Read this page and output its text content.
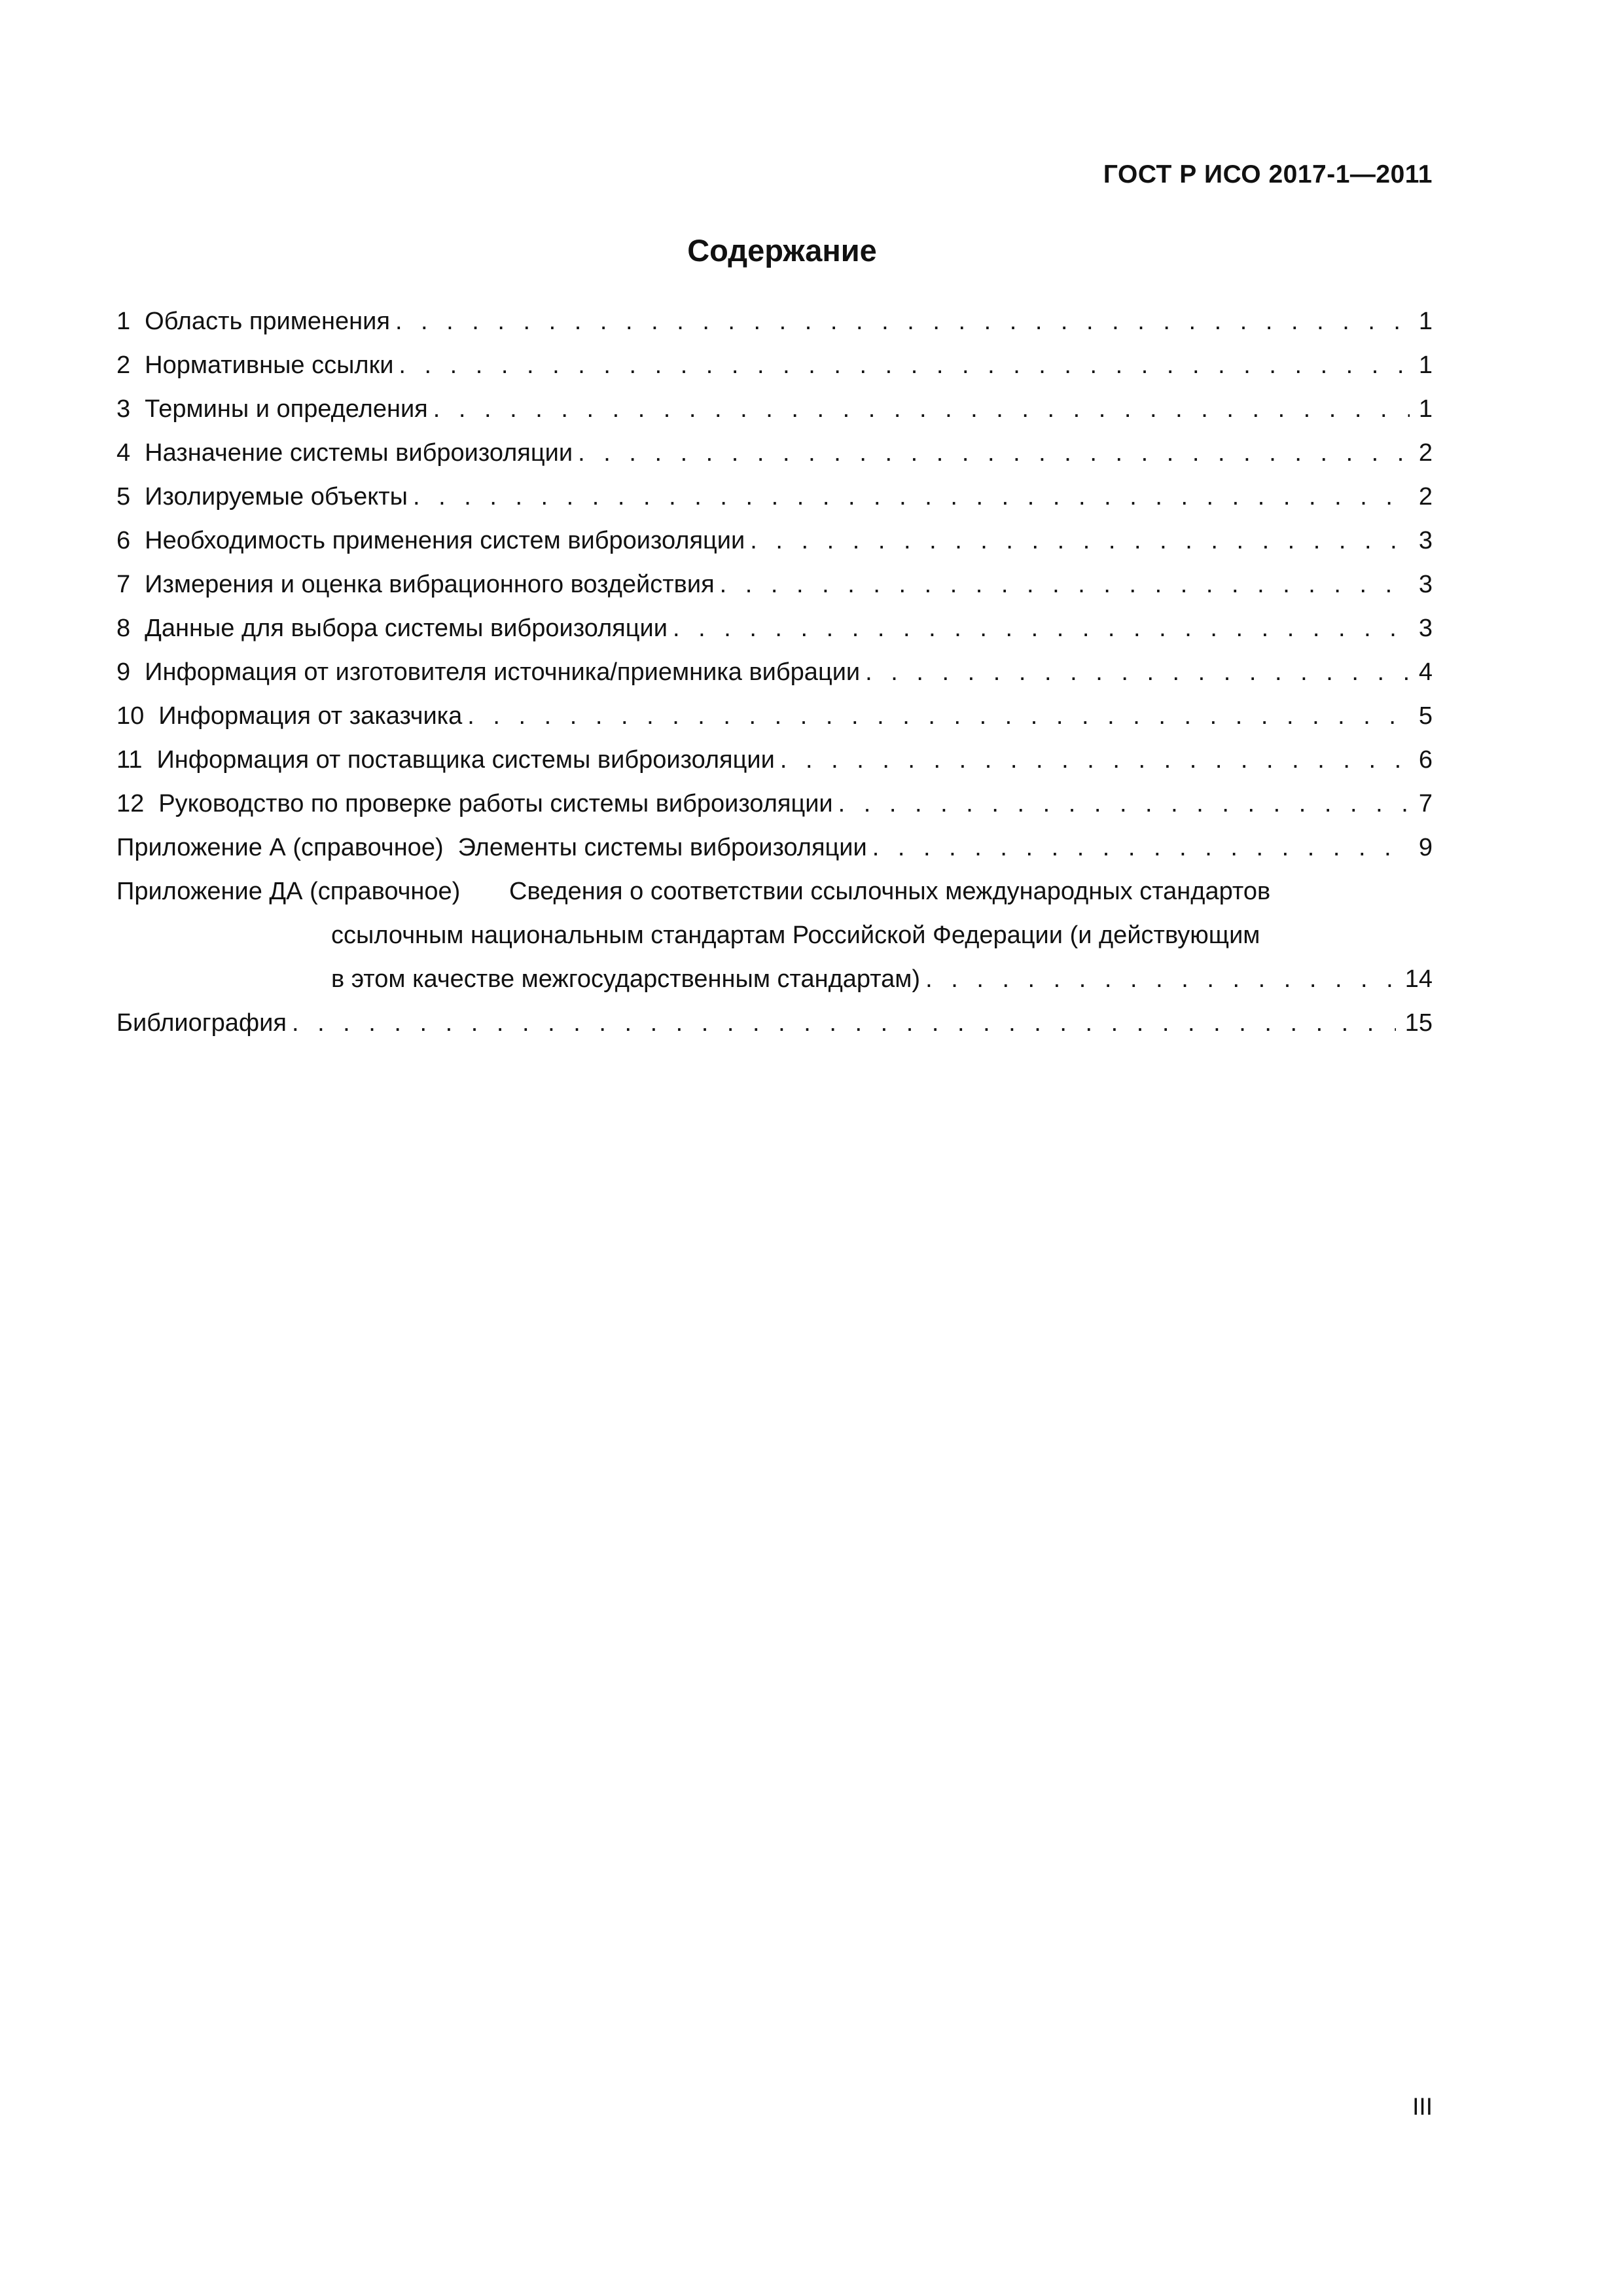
ГОСТ Р ИСО 2017-1—2011
Содержание
1 Область применения . . .	1
2 Нормативные ссылки . . .	1
3 Термины и определения . . .	1
4 Назначение системы виброизоляции . . .	2
5 Изолируемые объекты . . .	2
6 Необходимость применения систем виброизоляции . . .	3
7 Измерения и оценка вибрационного воздействия . . .	3
8 Данные для выбора системы виброизоляции . . .	3
9 Информация от изготовителя источника/приемника вибрации . . .	4
10 Информация от заказчика . . .	5
11 Информация от поставщика системы виброизоляции . . .	6
12 Руководство по проверке работы системы виброизоляции . . .	7
Приложение А (справочное) Элементы системы виброизоляции . . .	9
Приложение ДА (справочное) Сведения о соответствии ссылочных международных стандартов
ссылочным национальным стандартам Российской Федерации (и действующим
в этом качестве межгосударственным стандартам) . . .	14
Библиография . . .	15
III
